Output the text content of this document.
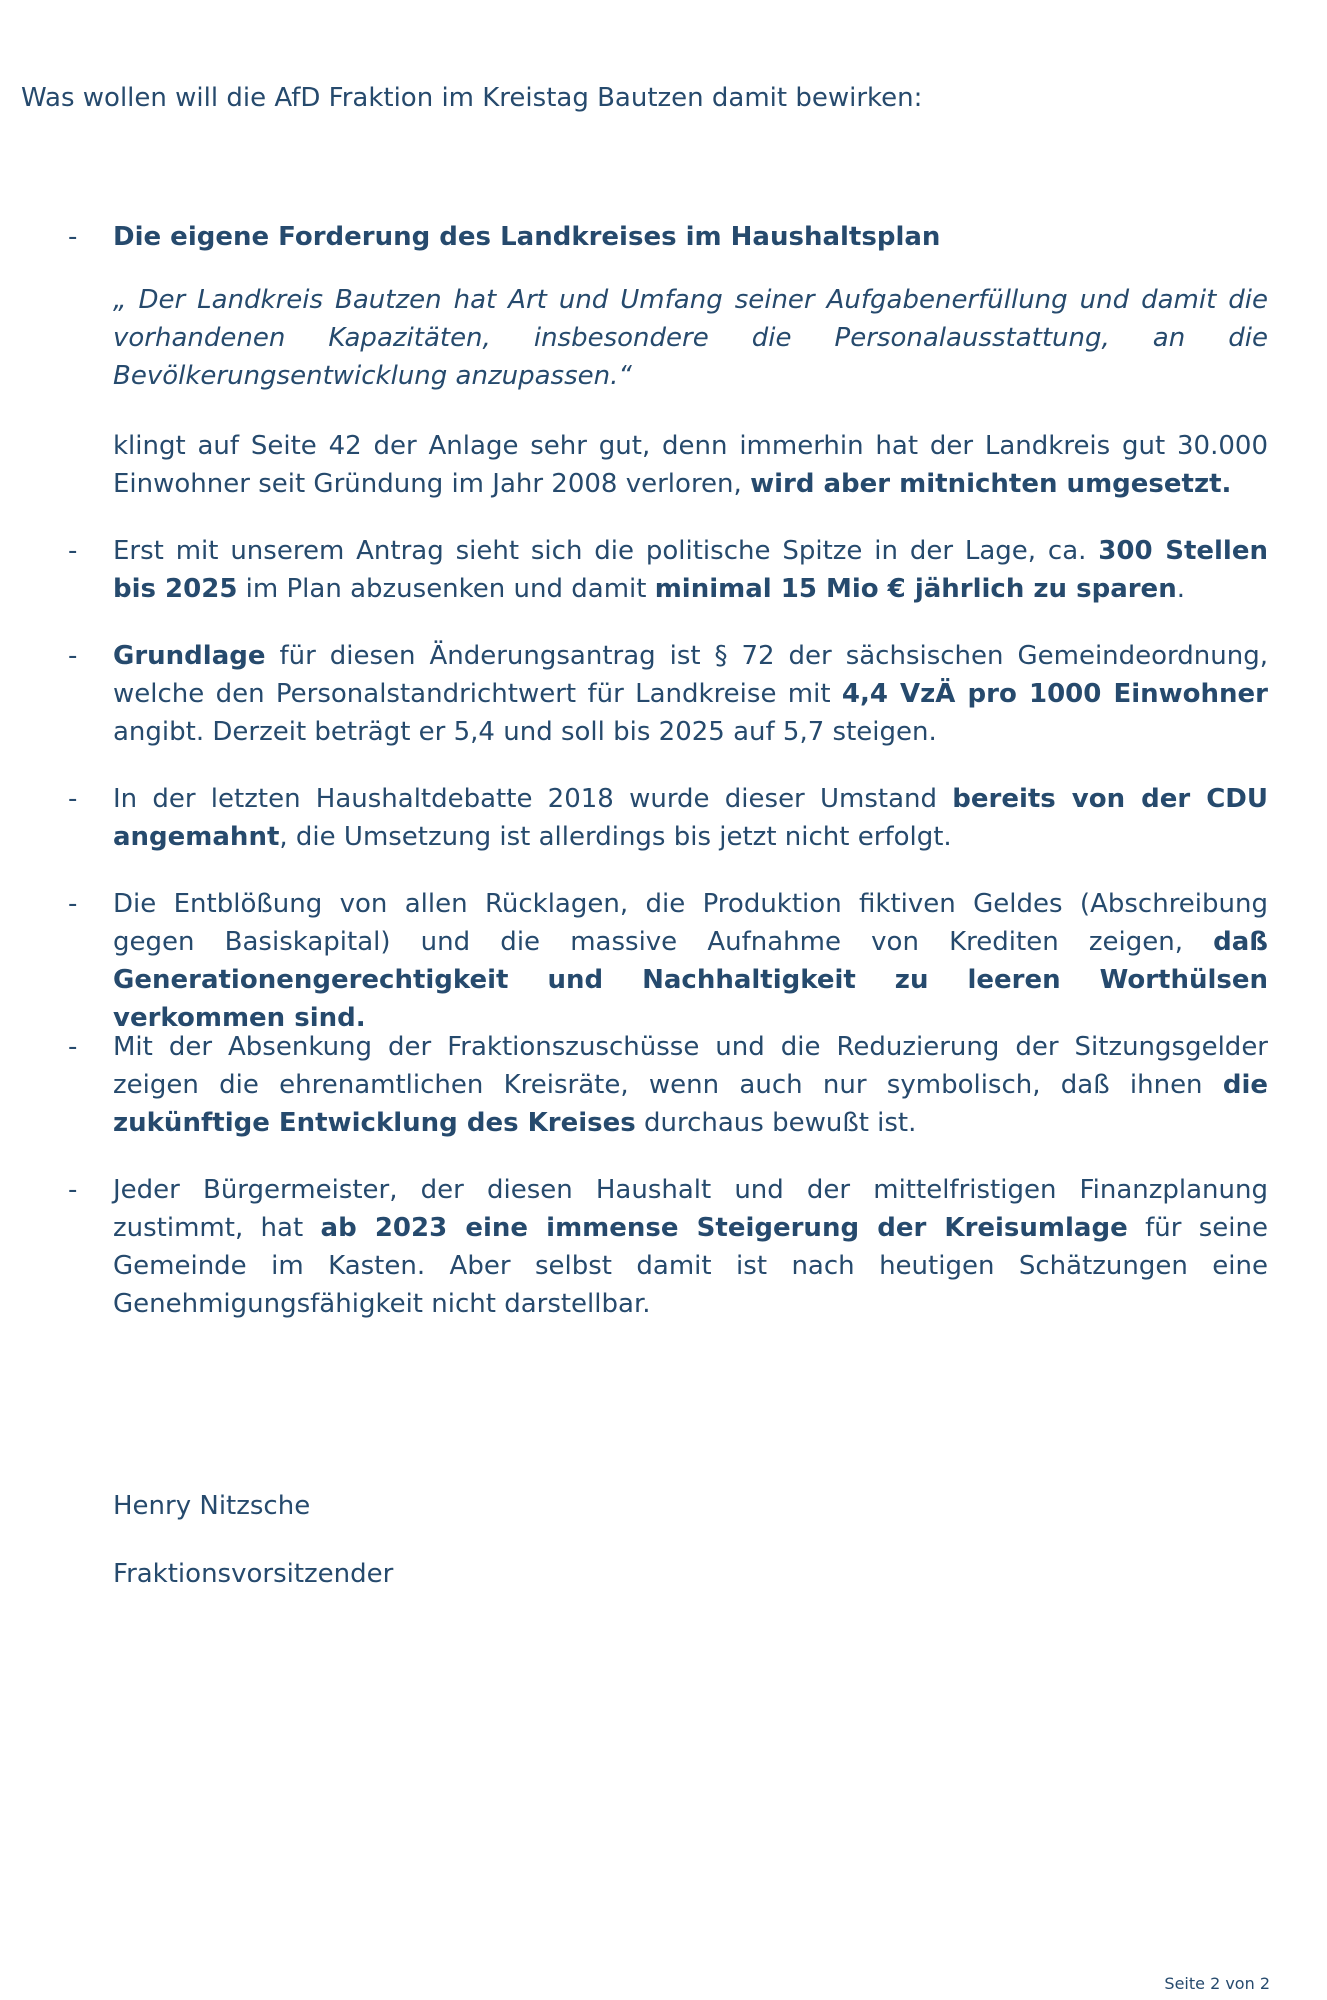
Was wollen will die AfD Fraktion im Kreistag Bautzen damit bewirken:
-	Die eigene Forderung des Landkreises im Haushaltsplan
„ Der Landkreis Bautzen hat Art und Umfang seiner Aufgabenerfüllung und damit die vorhandenen Kapazitäten, insbesondere die Personalausstattung, an die Bevölkerungsentwicklung anzupassen.“
klingt auf Seite 42 der Anlage sehr gut, denn immerhin hat der Landkreis gut 30.000 Einwohner seit Gründung im Jahr 2008 verloren, wird aber mitnichten umgesetzt.
-	Erst mit unserem Antrag sieht sich die politische Spitze in der Lage, ca. 300 Stellen bis 2025 im Plan abzusenken und damit minimal 15 Mio € jährlich zu sparen.
-	Grundlage für diesen Änderungsantrag ist § 72 der sächsischen Gemeindeordnung, welche den Personalstandrichtwert für Landkreise mit 4,4 VzÄ pro 1000 Einwohner angibt. Derzeit beträgt er 5,4 und soll bis 2025 auf 5,7 steigen.
-	In der letzten Haushaltdebatte 2018 wurde dieser Umstand bereits von der CDU angemahnt, die Umsetzung ist allerdings bis jetzt nicht erfolgt.
-	Die Entblößung von allen Rücklagen, die Produktion fiktiven Geldes (Abschreibung gegen Basiskapital) und die massive Aufnahme von Krediten zeigen, daß Generationengerechtigkeit und Nachhaltigkeit zu leeren Worthülsen verkommen sind.
-	Mit der Absenkung der Fraktionszuschüsse und die Reduzierung der Sitzungsgelder zeigen die ehrenamtlichen Kreisräte, wenn auch nur symbolisch, daß ihnen die zukünftige Entwicklung des Kreises durchaus bewußt ist.
-	Jeder Bürgermeister, der diesen Haushalt und der mittelfristigen Finanzplanung zustimmt, hat ab 2023 eine immense Steigerung der Kreisumlage für seine Gemeinde im Kasten. Aber selbst damit ist nach heutigen Schätzungen eine Genehmigungsfähigkeit nicht darstellbar.
Henry Nitzsche
Fraktionsvorsitzender
Seite 2 von 2
